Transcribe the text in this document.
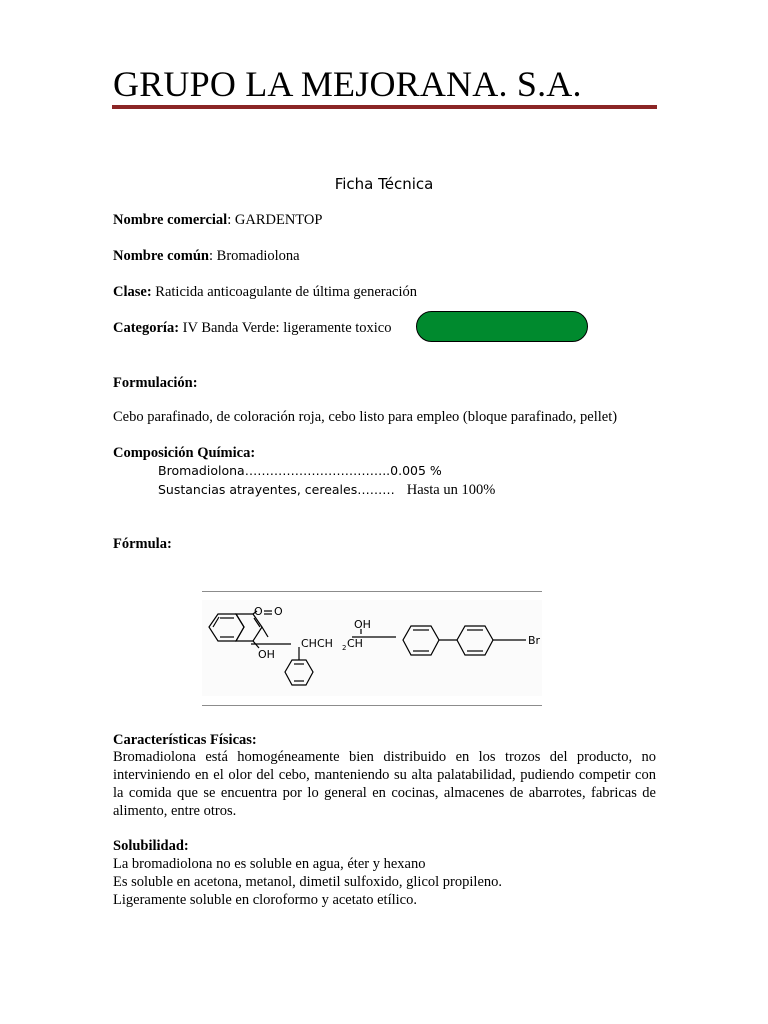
GRUPO LA MEJORANA. S.A.
Ficha Técnica
Nombre comercial: GARDENTOP
Nombre común: Bromadiolona
Clase: Raticida anticoagulante de última generación
Categoría: IV Banda Verde: ligeramente toxico
Formulación:
Cebo parafinado, de coloración roja, cebo listo para empleo (bloque parafinado, pellet)
Composición Química:
Bromadiolona……………………………..0.005 %
Sustancias atrayentes, cereales……… Hasta un 100%
Fórmula:
O O
OH
OH
CHCH 2 CH	Br
Características Físicas:
Bromadiolona está homogéneamente bien distribuido en los trozos del producto, no interviniendo en el olor del cebo, manteniendo su alta palatabilidad, pudiendo competir con la comida que se encuentra por lo general en cocinas, almacenes de abarrotes, fabricas de alimento, entre otros.
Solubilidad:
La bromadiolona no es soluble en agua, éter y hexano
Es soluble en acetona, metanol, dimetil sulfoxido, glicol propileno.
Ligeramente soluble en cloroformo y acetato etílico.
